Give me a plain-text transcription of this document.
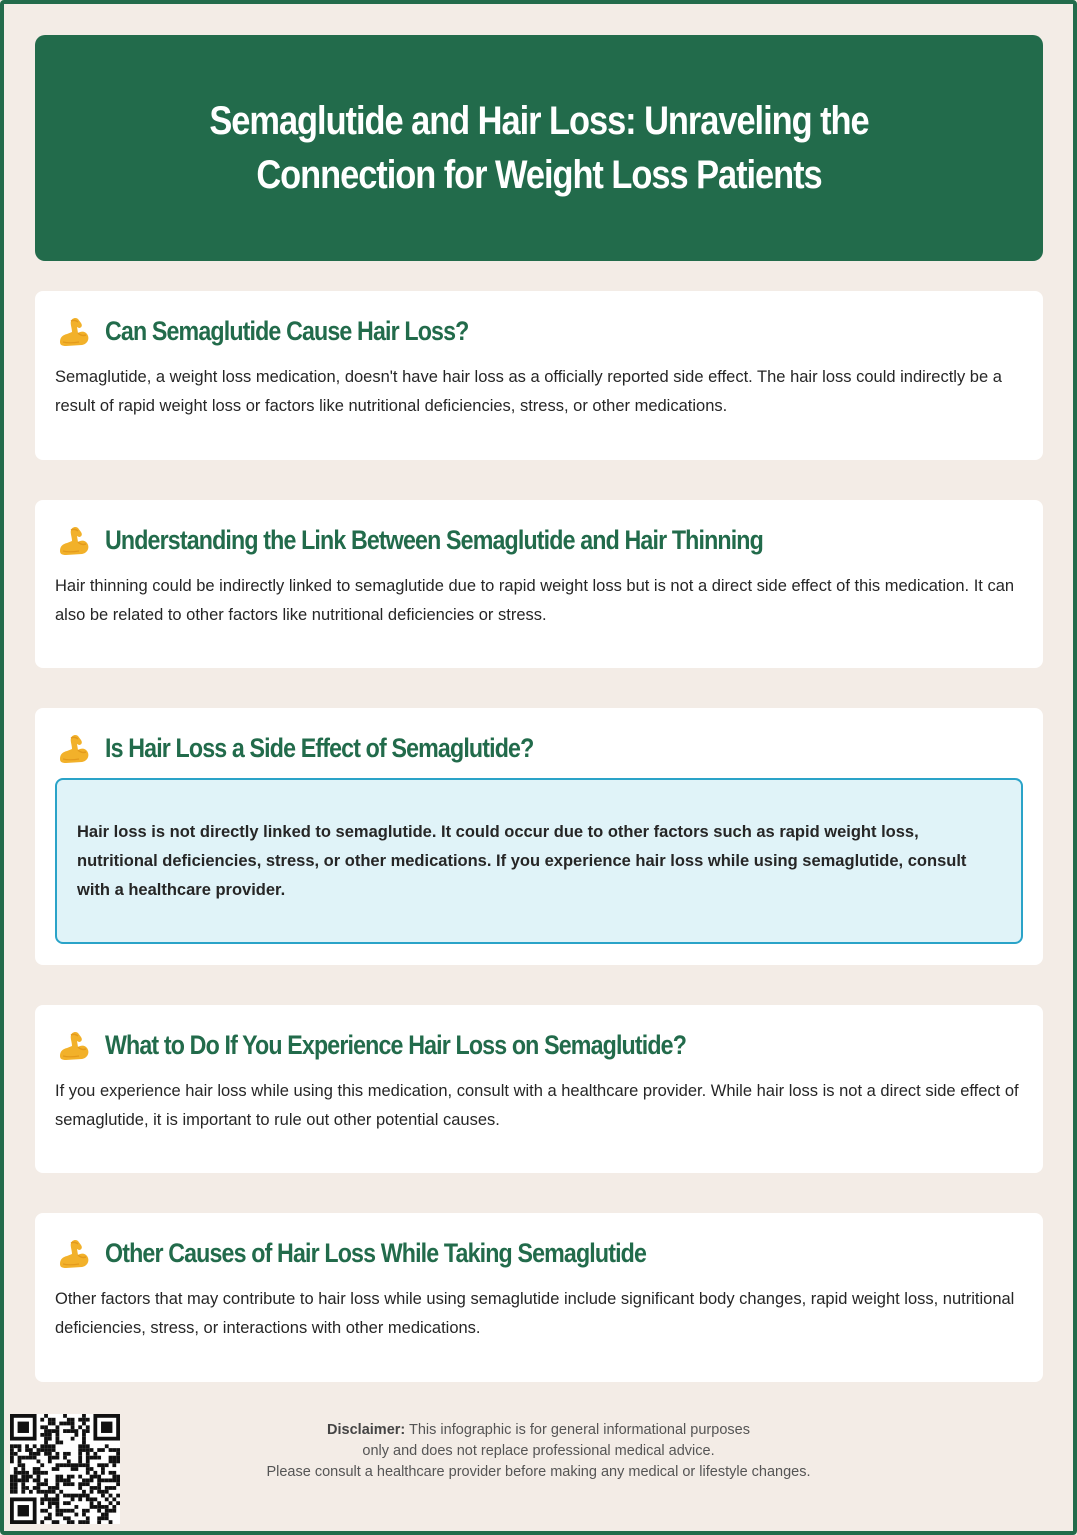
Semaglutide and Hair Loss: Unraveling the Connection for Weight Loss Patients
Can Semaglutide Cause Hair Loss?

Semaglutide, a weight loss medication, doesn't have hair loss as a officially reported side effect. The hair loss could indirectly be a result of rapid weight loss or factors like nutritional deficiencies, stress, or other medications.

Understanding the Link Between Semaglutide and Hair Thinning

Hair thinning could be indirectly linked to semaglutide due to rapid weight loss but is not a direct side effect of this medication. It can also be related to other factors like nutritional deficiencies or stress.

Is Hair Loss a Side Effect of Semaglutide?

Hair loss is not directly linked to semaglutide. It could occur due to other factors such as rapid weight loss, nutritional deficiencies, stress, or other medications. If you experience hair loss while using semaglutide, consult with a healthcare provider.

What to Do If You Experience Hair Loss on Semaglutide?

If you experience hair loss while using this medication, consult with a healthcare provider. While hair loss is not a direct side effect of semaglutide, it is important to rule out other potential causes.

Other Causes of Hair Loss While Taking Semaglutide

Other factors that may contribute to hair loss while using semaglutide include significant body changes, rapid weight loss, nutritional deficiencies, stress, or interactions with other medications.

Disclaimer: This infographic is for general informational purposes
only and does not replace professional medical advice.
Please consult a healthcare provider before making any medical or lifestyle changes.
